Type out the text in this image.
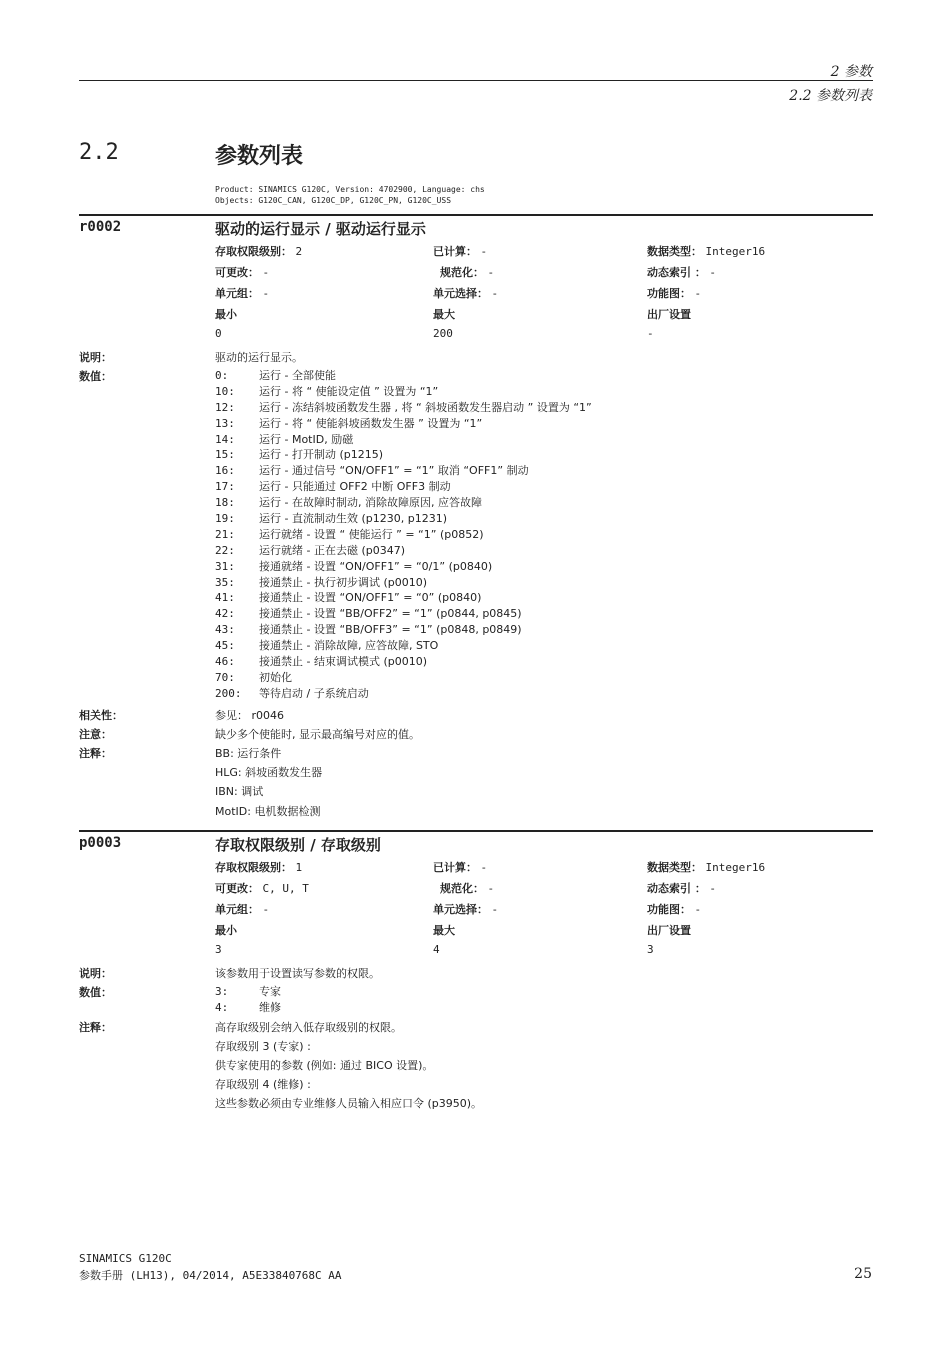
2 参数
2.2 参数列表
2.2	参数列表
Product: SINAMICS G120C, Version: 4702900, Language: chs
Objects: G120C_CAN, G120C_DP, G120C_PN, G120C_USS
r0002	驱动的运行显示 / 驱动运行显示
存取权限级别： 2	已计算： -	数据类型： Integer16
可更改： -	规范化： -	动态索引 ： -
单元组： -	单元选择： -	功能图： -
最小	最大	出厂设置
0	200	-
说明：	驱动的运行显示。
数值：	0:	运行 - 全部使能
10: 运行 - 将 “ 使能设定值 ” 设置为 “1”
12: 运行 - 冻结斜坡函数发生器 , 将 “ 斜坡函数发生器启动 ” 设置为 “1”
13: 运行 - 将 “ 使能斜坡函数发生器 ” 设置为 “1”
14: 运行 - MotID, 励磁
15: 运行 - 打开制动 (p1215)
16: 运行 - 通过信号 “ON/OFF1” = “1” 取消 “OFF1” 制动
17: 运行 - 只能通过 OFF2 中断 OFF3 制动
18: 运行 - 在故障时制动, 消除故障原因, 应答故障
19: 运行 - 直流制动生效 (p1230, p1231)
21: 运行就绪 - 设置 “ 使能运行 ” = “1” (p0852)
22: 运行就绪 - 正在去磁 (p0347)
31: 接通就绪 - 设置 “ON/OFF1” = “0/1” (p0840)
35: 接通禁止 - 执行初步调试 (p0010)
41: 接通禁止 - 设置 “ON/OFF1” = “0” (p0840)
42: 接通禁止 - 设置 “BB/OFF2” = “1” (p0844, p0845)
43: 接通禁止 - 设置 “BB/OFF3” = “1” (p0848, p0849)
45: 接通禁止 - 消除故障, 应答故障, STO
46: 接通禁止 - 结束调试模式 (p0010)
70: 初始化
200: 等待启动 / 子系统启动
相关性：	参见： r0046
注意：	缺少多个使能时, 显示最高编号对应的值。
注释：	BB: 运行条件
HLG: 斜坡函数发生器
IBN: 调试
MotID: 电机数据检测
p0003	存取权限级别 / 存取级别
存取权限级别： 1	已计算： -	数据类型： Integer16
可更改： C, U, T	规范化： -	动态索引 ： -
单元组： -	单元选择： -	功能图： -
最小	最大	出厂设置
3	4	3
说明：	该参数用于设置读写参数的权限。
数值：	3:	专家
4:	维修
注释：	高存取级别会纳入低存取级别的权限。
存取级别 3 (专家) :
供专家使用的参数 (例如: 通过 BICO 设置)。
存取级别 4 (维修) :
这些参数必须由专业维修人员输入相应口令 (p3950)。
SINAMICS G120C
参数手册 (LH13), 04/2014, A5E33840768C AA	25
